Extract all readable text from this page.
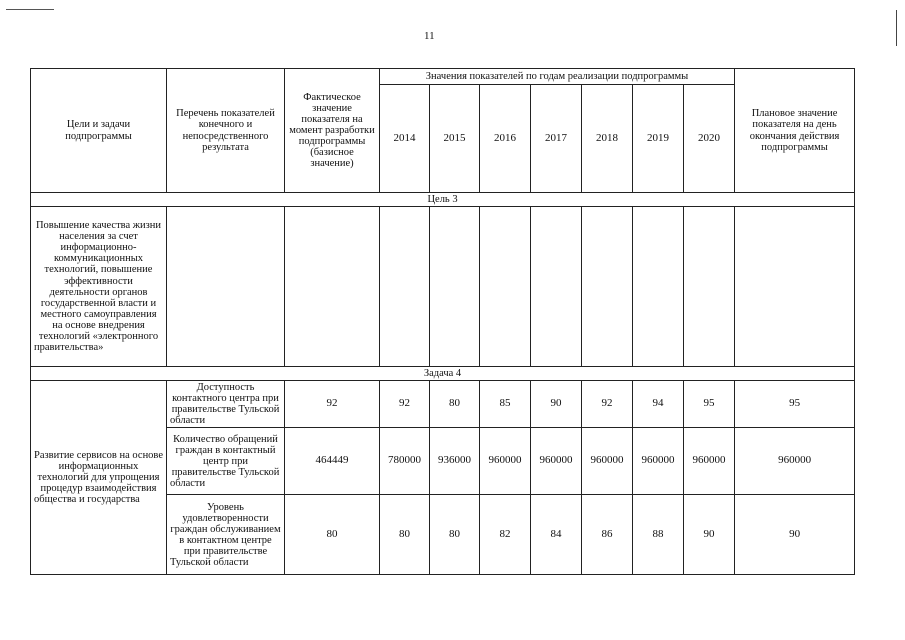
11
Цели и задачи подпрограммы	Перечень показателей конечного и непосредственного результата	Фактическое значение показателя на момент разработки подпрограммы (базисное значение)	Значения показателей по годам реализации подпрограммы							Плановое значение показателя на день окончания действия подпрограммы
			2014	2015	2016	2017	2018	2019	2020	
Цель 3										
Повышение качества жизни населения за счет информационно-коммуникационных технологий, повышение эффективности деятельности органов государственной власти и местного самоуправления на основе внедрения технологий «электронного правительства»										
Задача 4										
Развитие сервисов на основе информационных технологий для упрощения процедур взаимодействия общества и государства	Доступность контактного центра при правительстве Тульской области	92	92	80	85	90	92	94	95	95
	Количество обращений граждан в контактный центр при правительстве Тульской области	464449	780000	936000	960000	960000	960000	960000	960000	960000
	Уровень удовлетворенности граждан обслуживанием в контактном центре при правительстве Тульской области	80	80	80	82	84	86	88	90	90
